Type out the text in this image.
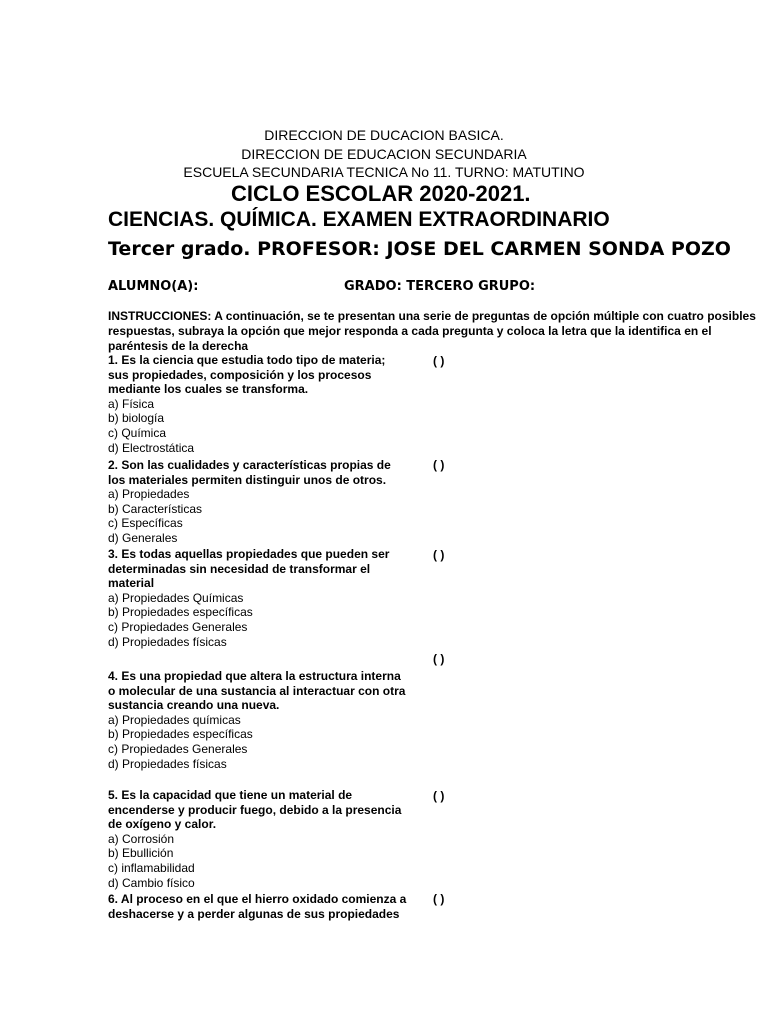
DIRECCION DE DUCACION BASICA.
DIRECCION DE EDUCACION SECUNDARIA
ESCUELA SECUNDARIA TECNICA No 11. TURNO: MATUTINO
CICLO ESCOLAR 2020-2021.
CIENCIAS. QUÍMICA. EXAMEN EXTRAORDINARIO
Tercer grado. PROFESOR: JOSE DEL CARMEN SONDA POZO
ALUMNO(A):	GRADO: TERCERO GRUPO:
INSTRUCCIONES: A continuación, se te presentan una serie de preguntas de opción múltiple con cuatro posibles respuestas, subraya la opción que mejor responda a cada pregunta y coloca la letra que la identifica en el paréntesis de la derecha
1. Es la ciencia que estudia todo tipo de materia; sus propiedades, composición y los procesos mediante los cuales se transforma.
a) Física
b) biología
c) Química
d) Electrostática
( )
2. Son las cualidades y características propias de los materiales permiten distinguir unos de otros.
a) Propiedades
b) Características
c) Específicas
d) Generales
( )
3. Es todas aquellas propiedades que pueden ser determinadas sin necesidad de transformar el material
a) Propiedades Químicas
b) Propiedades específicas
c) Propiedades Generales
d) Propiedades físicas
( )
( )
4. Es una propiedad que altera la estructura interna o molecular de una sustancia al interactuar con otra sustancia creando una nueva.
a) Propiedades químicas
b) Propiedades específicas
c) Propiedades Generales
d) Propiedades físicas
5. Es la capacidad que tiene un material de encenderse y producir fuego, debido a la presencia de oxígeno y calor.
a) Corrosión
b) Ebullición
c) inflamabilidad
d) Cambio físico
( )
6. Al proceso en el que el hierro oxidado comienza a deshacerse y a perder algunas de sus propiedades
( )
